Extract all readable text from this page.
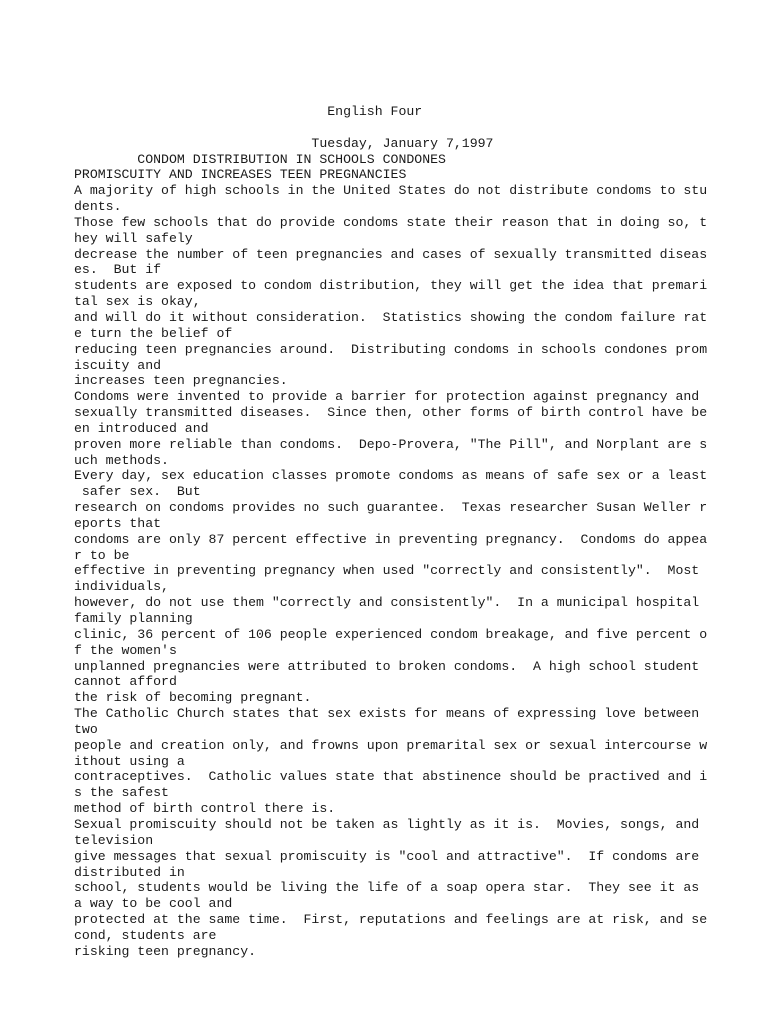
English Four
Tuesday, January 7,1997
CONDOM DISTRIBUTION IN SCHOOLS CONDONES
PROMISCUITY AND INCREASES TEEN PREGNANCIES
A majority of high schools in the United States do not distribute condoms to stu
dents.
Those few schools that do provide condoms state their reason that in doing so, t
hey will safely
decrease the number of teen pregnancies and cases of sexually transmitted diseas
es.  But if
students are exposed to condom distribution, they will get the idea that premari
tal sex is okay,
and will do it without consideration.  Statistics showing the condom failure rat
e turn the belief of
reducing teen pregnancies around.  Distributing condoms in schools condones prom
iscuity and
increases teen pregnancies.
Condoms were invented to provide a barrier for protection against pregnancy and
sexually transmitted diseases.  Since then, other forms of birth control have be
en introduced and
proven more reliable than condoms.  Depo-Provera, "The Pill", and Norplant are s
uch methods.
Every day, sex education classes promote condoms as means of safe sex or a least
safer sex.  But
research on condoms provides no such guarantee.  Texas researcher Susan Weller r
eports that
condoms are only 87 percent effective in preventing pregnancy.  Condoms do appea
r to be
effective in preventing pregnancy when used "correctly and consistently".  Most
individuals,
however, do not use them "correctly and consistently".  In a municipal hospital
family planning
clinic, 36 percent of 106 people experienced condom breakage, and five percent o
f the women's
unplanned pregnancies were attributed to broken condoms.  A high school student
cannot afford
the risk of becoming pregnant.
The Catholic Church states that sex exists for means of expressing love between
two
people and creation only, and frowns upon premarital sex or sexual intercourse w
ithout using a
contraceptives.  Catholic values state that abstinence should be practived and i
s the safest
method of birth control there is.
Sexual promiscuity should not be taken as lightly as it is.  Movies, songs, and
television
give messages that sexual promiscuity is "cool and attractive".  If condoms are
distributed in
school, students would be living the life of a soap opera star.  They see it as
a way to be cool and
protected at the same time.  First, reputations and feelings are at risk, and se
cond, students are
risking teen pregnancy.
